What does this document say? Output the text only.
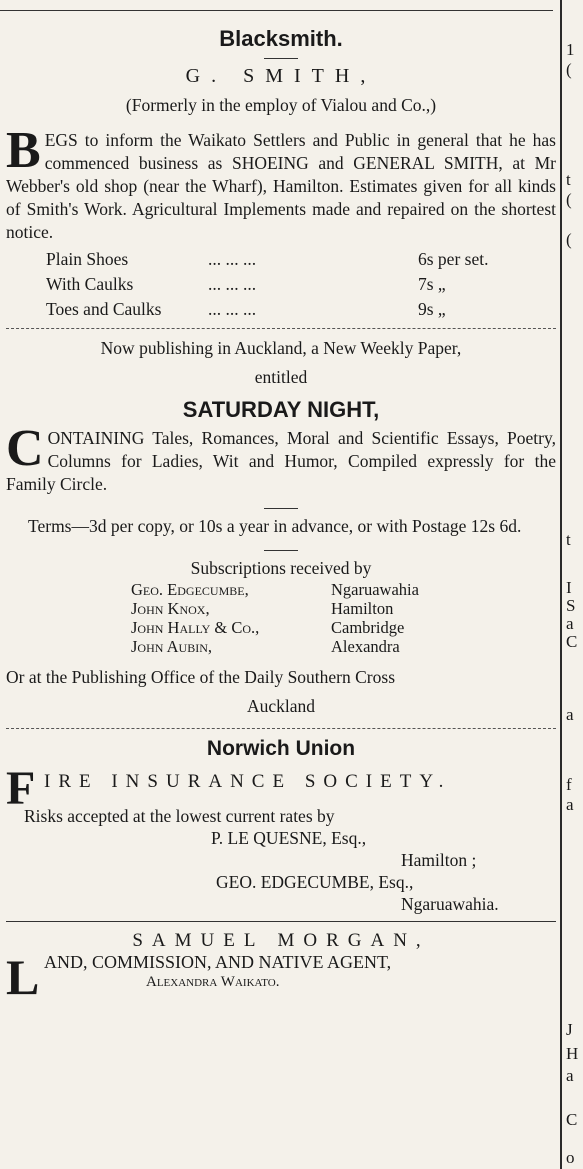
Blacksmith.
G. SMITH,
(Formerly in the employ of Vialou and Co.,)
B EGS to inform the Waikato Settlers and Public in general that he has commenced business as SHOEING and GENERAL SMITH, at Mr Webber's old shop (near the Wharf), Hamilton. Estimates given for all kinds of Smith's Work. Agricultural Implements made and repaired on the shortest notice.

Plain Shoes	... ... ...	6s per set.
With Caulks	... ... ...	7s „
Toes and Caulks	... ... ...	9s „
Now publishing in Auckland, a New Weekly Paper,
entitled
SATURDAY NIGHT,
C ONTAINING Tales, Romances, Moral and Scientific Essays, Poetry, Columns for Ladies, Wit and Humor, Compiled expressly for the Family Circle.

Terms—3d per copy, or 10s a year in advance, or with Postage 12s 6d.

Subscriptions received by
Geo. Edgecumbe,	Ngaruawahia
John Knox,	Hamilton
John Hally & Co.,	Cambridge
John Aubin,	Alexandra
Or at the Publishing Office of the Daily Southern Cross
Auckland
Norwich Union
F IRE INSURANCE SOCIETY.
Risks accepted at the lowest current rates by
P. LE QUESNE, Esq.,
Hamilton ;
GEO. EDGECUMBE, Esq.,
Ngaruawahia.
SAMUEL MORGAN,
L AND, COMMISSION, AND NATIVE AGENT,
Alexandra Waikato.
1
(
t
(
(
t
I
S
a
C
a
f
a
J
H
a
C
o
